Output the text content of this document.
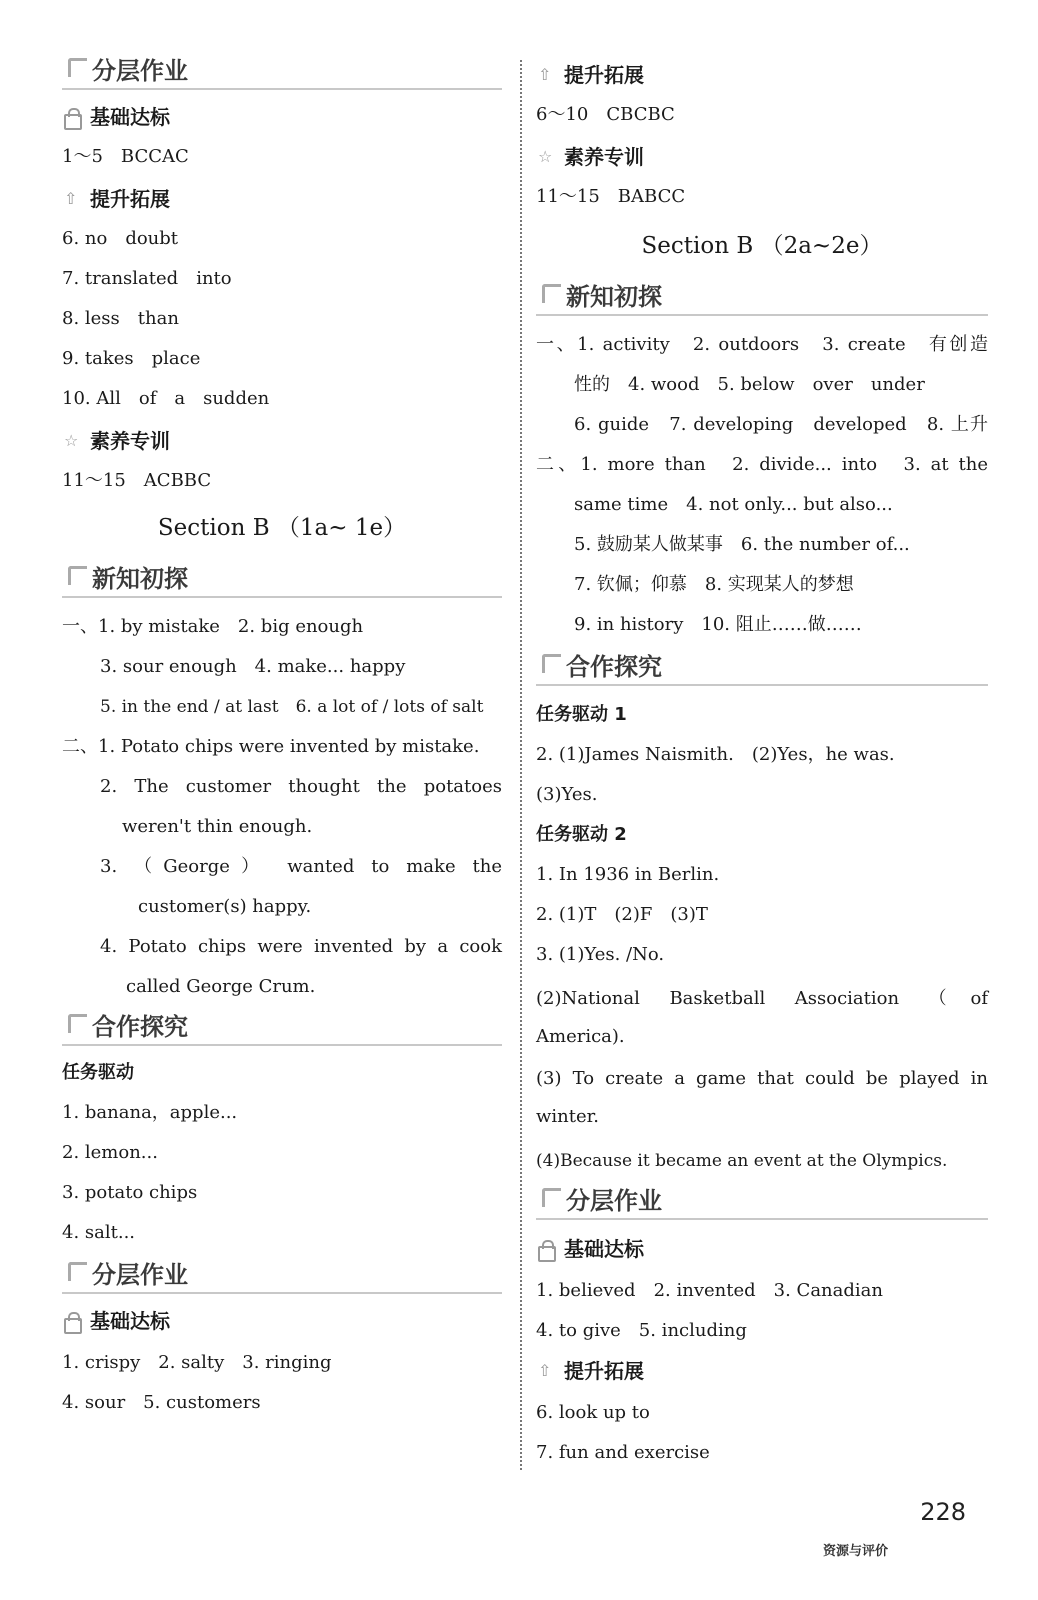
分层作业
基础达标
1～5　BCCAC
⇧ 提升拓展
6. no　doubt
7. translated　into
8. less　than
9. takes　place
10. All　of　a　sudden
☆ 素养专训
11～15　ACBBC
Section B （1a~ 1e）
新知初探
一、1. by mistake　2. big enough
3. sour enough　4. make... happy
5. in the end / at last　6. a lot of / lots of salt
二、1. Potato chips were invented by mistake.
2. The customer thought the potatoes
weren't thin enough.
3. （George） wanted to make the
customer(s) happy.
4. Potato chips were invented by a cook
called George Crum.
合作探究
任务驱动
1. banana，apple...
2. lemon...
3. potato chips
4. salt...
分层作业
基础达标
1. crispy　2. salty　3. ringing
4. sour　5. customers
⇧ 提升拓展
6～10　CBCBC
☆ 素养专训
11～15　BABCC
Section B （2a~2e）
新知初探
一、1. activity　2. outdoors　3. create　有创造
性的　4. wood　5. below　over　under
6. guide　7. developing　developed　8. 上升
二、1. more than　2. divide... into　3. at the
same time　4. not only... but also...
5. 鼓励某人做某事　6. the number of...
7. 钦佩；仰慕　8. 实现某人的梦想
9. in history　10. 阻止……做……
合作探究
任务驱动 1
2. (1)James Naismith.　(2)Yes，he was.
(3)Yes.
任务驱动 2
1. In 1936 in Berlin.
2. (1)T　(2)F　(3)T
3. (1)Yes. /No.
(2)National Basketball Association （of
America).
(3) To create a game that could be played in
winter.
(4)Because it became an event at the Olympics.
分层作业
基础达标
1. believed　2. invented　3. Canadian
4. to give　5. including
⇧ 提升拓展
6. look up to
7. fun and exercise
资源与评价
228
